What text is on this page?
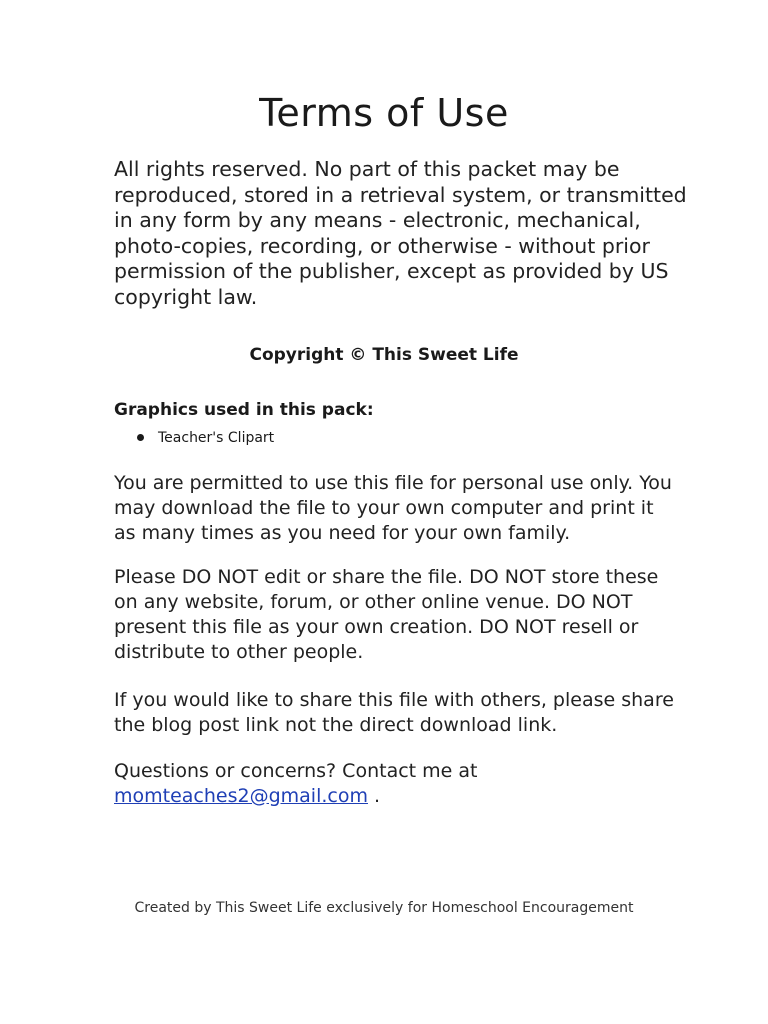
Terms of Use

All rights reserved. No part of this packet may be reproduced, stored in a retrieval system, or transmitted in any form by any means - electronic, mechanical, photo-copies, recording, or otherwise - without prior permission of the publisher, except as provided by US copyright law.

Copyright © This Sweet Life

Graphics used in this pack:

Teacher's Clipart

You are permitted to use this file for personal use only. You may download the file to your own computer and print it as many times as you need for your own family.

Please DO NOT edit or share the file. DO NOT store these on any website, forum, or other online venue. DO NOT present this file as your own creation. DO NOT resell or distribute to other people.

If you would like to share this file with others, please share the blog post link not the direct download link.

Questions or concerns? Contact me at
momteaches2@gmail.com .

Created by This Sweet Life exclusively for Homeschool Encouragement
